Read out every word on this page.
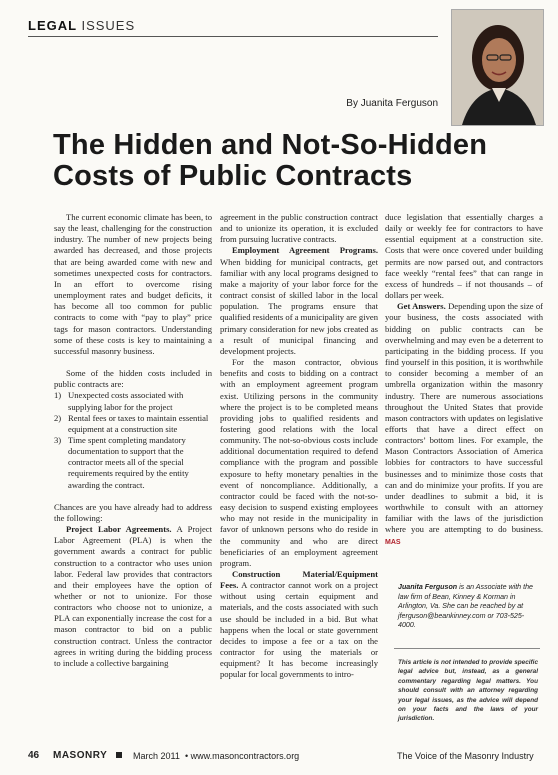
LEGAL ISSUES
By Juanita Ferguson
The Hidden and Not-So-Hidden Costs of Public Contracts

The current economic climate has been, to say the least, challenging for the construction industry. The number of new projects being awarded has decreased, and those projects that are being awarded come with new and sometimes unexpected costs for contractors. In an effort to overcome rising unemployment rates and budget deficits, it has become all too common for public contracts to come with “pay to play” price tags for mason contractors. Understanding some of these costs is key to maintaining a successful masonry business.

Some of the hidden costs included in public contracts are:

1) Unexpected costs associated with supplying labor for the project
2) Rental fees or taxes to maintain essential equipment at a construction site
3) Time spent completing mandatory documentation to support that the contractor meets all of the special requirements required by the entity awarding the contract.

Chances are you have already had to address the following:

Project Labor Agreements. A Project Labor Agreement (PLA) is when the government awards a contract for public construction to a contractor who uses union labor. Federal law provides that contractors and their employees have the option of whether or not to unionize. For those contractors who choose not to unionize, a PLA can exponentially increase the cost for a mason contractor to bid on a public construction contract. Unless the contractor agrees in writing during the bidding process to include a collective bargaining

agreement in the public construction contract and to unionize its operation, it is excluded from pursuing lucrative contracts.

Employment Agreement Programs. When bidding for municipal contracts, get familiar with any local programs designed to make a majority of your labor force for the contract consist of skilled labor in the local population. The programs ensure that qualified residents of a municipality are given primary consideration for new jobs created as a result of municipal financing and development projects.

For the mason contractor, obvious benefits and costs to bidding on a contract with an employment agreement program exist. Utilizing persons in the community where the project is to be completed means providing jobs to qualified residents and fostering good relations with the local community. The not-so-obvious costs include additional documentation required to defend compliance with the program and possible exposure to hefty monetary penalties in the event of noncompliance. Additionally, a contractor could be faced with the not-so-easy decision to suspend existing employees who may not reside in the municipality in favor of unknown persons who do reside in the community and who are direct beneficiaries of an employment agreement program.

Construction Material/Equipment Fees. A contractor cannot work on a project without using certain equipment and materials, and the costs associated with such use should be included in a bid. But what happens when the local or state government decides to impose a fee or a tax on the contractor for using the materials or equipment? It has become increasingly popular for local governments to intro-

duce legislation that essentially charges a daily or weekly fee for contractors to have essential equipment at a construction site. Costs that were once covered under building permits are now parsed out, and contractors face weekly “rental fees” that can range in excess of hundreds – if not thousands – of dollars per week.

Get Answers. Depending upon the size of your business, the costs associated with bidding on public contracts can be overwhelming and may even be a deterrent to participating in the bidding process. If you find yourself in this position, it is worthwhile to consider becoming a member of an umbrella organization within the masonry industry. There are numerous associations throughout the United States that provide mason contractors with updates on legislative efforts that have a direct effect on contractors’ bottom lines. For example, the Mason Contractors Association of America lobbies for contractors to have successful businesses and to minimize those costs that can and do minimize your profits. If you are under deadlines to submit a bid, it is worthwhile to consult with an attorney familiar with the laws of the jurisdiction where you are attempting to do business. MAS

Juanita Ferguson is an Associate with the law firm of Bean, Kinney & Korman in Arlington, Va. She can be reached by at jferguson@beankinney.com or 703-525-4000.
This article is not intended to provide specific legal advice but, instead, as a general commentary regarding legal matters. You should consult with an attorney regarding your legal issues, as the advice will depend on your facts and the laws of your jurisdiction.
46 MASONRY	March 2011 • www.masoncontractors.org	The Voice of the Masonry Industry
